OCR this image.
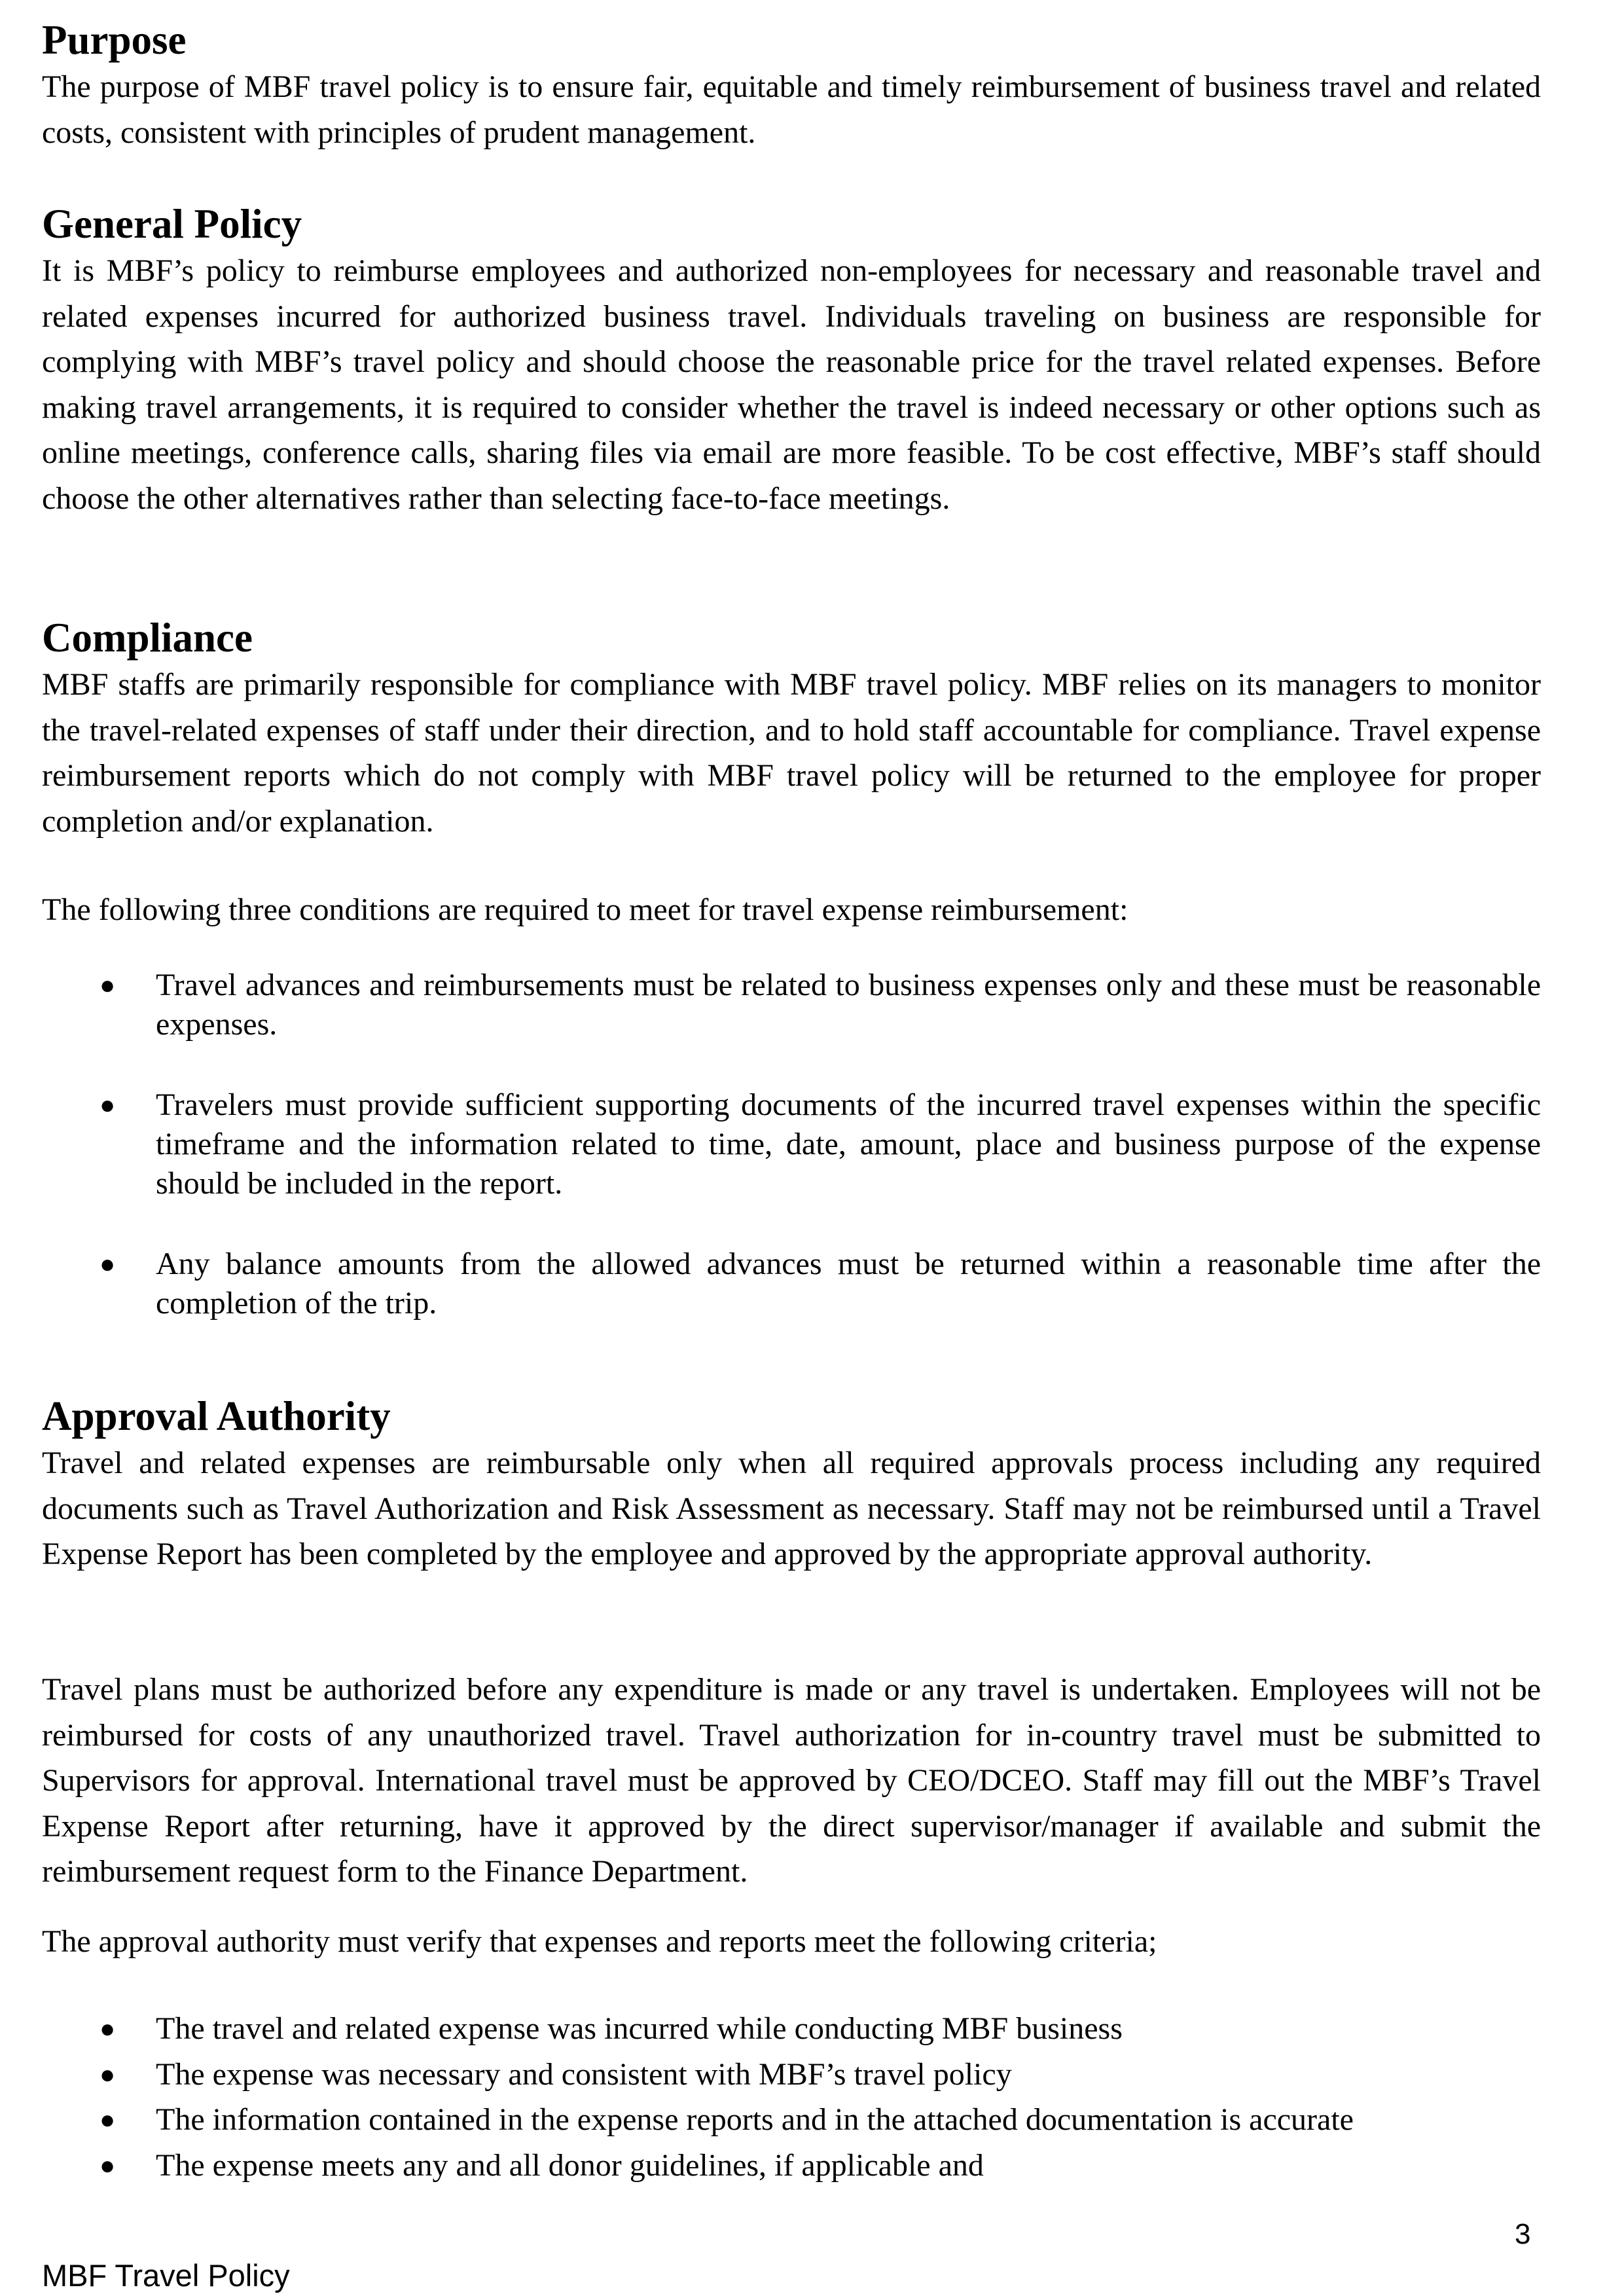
Purpose

The purpose of MBF travel policy is to ensure fair, equitable and timely reimbursement of business travel and related costs, consistent with principles of prudent management.

General Policy

It is MBF’s policy to reimburse employees and authorized non-employees for necessary and reasonable travel and related expenses incurred for authorized business travel. Individuals traveling on business are responsible for complying with MBF’s travel policy and should choose the reasonable price for the travel related expenses. Before making travel arrangements, it is required to consider whether the travel is indeed necessary or other options such as online meetings, conference calls, sharing files via email are more feasible. To be cost effective, MBF’s staff should choose the other alternatives rather than selecting face-to-face meetings.

Compliance

MBF staffs are primarily responsible for compliance with MBF travel policy. MBF relies on its managers to monitor the travel-related expenses of staff under their direction, and to hold staff accountable for compliance. Travel expense reimbursement reports which do not comply with MBF travel policy will be returned to the employee for proper completion and/or explanation.

The following three conditions are required to meet for travel expense reimbursement:

● Travel advances and reimbursements must be related to business expenses only and these must be reasonable expenses.
● Travelers must provide sufficient supporting documents of the incurred travel expenses within the specific timeframe and the information related to time, date, amount, place and business purpose of the expense should be included in the report.
● Any balance amounts from the allowed advances must be returned within a reasonable time after the completion of the trip.
Approval Authority

Travel and related expenses are reimbursable only when all required approvals process including any required documents such as Travel Authorization and Risk Assessment as necessary. Staff may not be reimbursed until a Travel Expense Report has been completed by the employee and approved by the appropriate approval authority.

Travel plans must be authorized before any expenditure is made or any travel is undertaken. Employees will not be reimbursed for costs of any unauthorized travel. Travel authorization for in-country travel must be submitted to Supervisors for approval. International travel must be approved by CEO/DCEO. Staff may fill out the MBF’s Travel Expense Report after returning, have it approved by the direct supervisor/manager if available and submit the reimbursement request form to the Finance Department.

The approval authority must verify that expenses and reports meet the following criteria;

● The travel and related expense was incurred while conducting MBF business
● The expense was necessary and consistent with MBF’s travel policy
● The information contained in the expense reports and in the attached documentation is accurate
● The expense meets any and all donor guidelines, if applicable and
3
MBF Travel Policy
